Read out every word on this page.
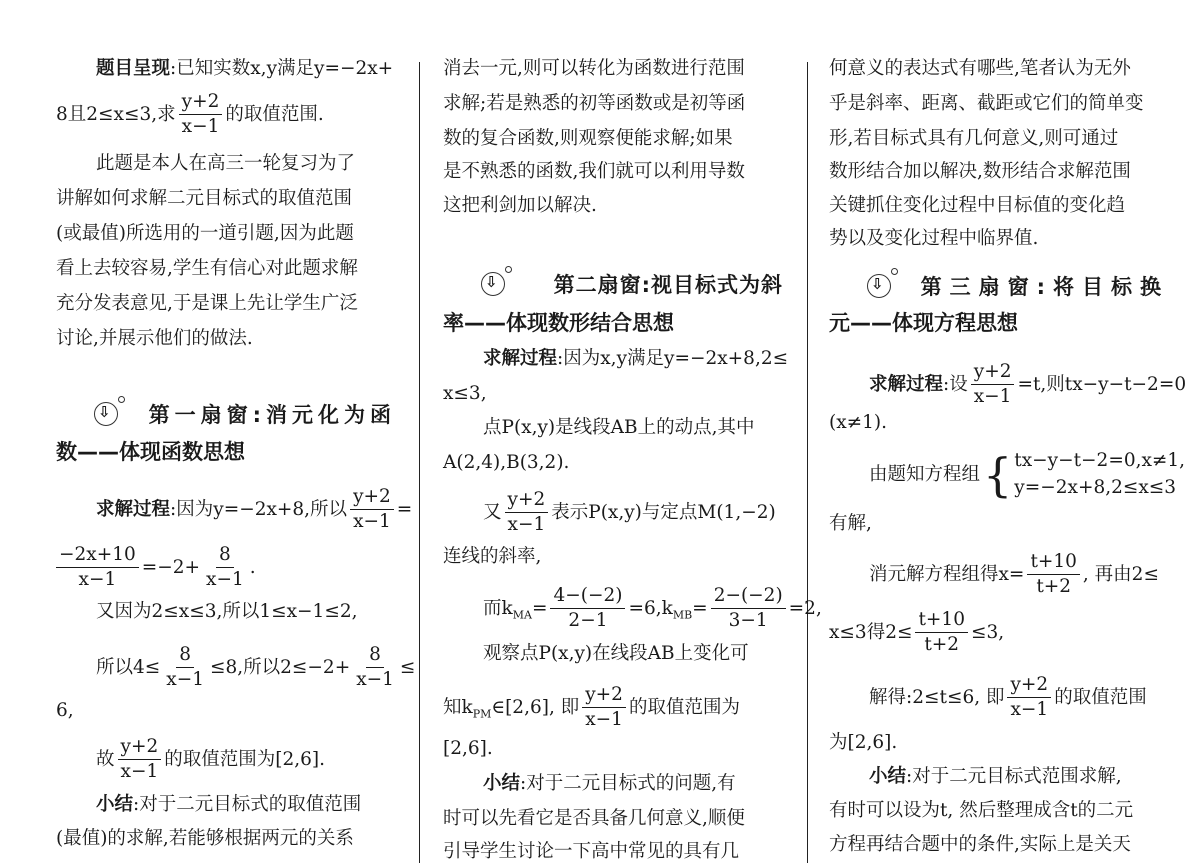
题目呈现:已知实数x,y满足y=−2x+
8且2≤x≤3,求 $\frac{y+2}{x-1}$ 的取值范围.
此题是本人在高三一轮复习为了
讲解如何求解二元目标式的取值范围
(或最值)所选用的一道引题,因为此题
看上去较容易,学生有信心对此题求解
充分发表意见,于是课上先让学生广泛
讨论,并展示他们的做法.
⇩ 第一扇窗:消元化为函
数——体现函数思想
求解过程:因为y=−2x+8,所以 $\frac{y+2}{x-1}$ =
$\frac{-2x+10}{x-1} =-2+ \frac{8}{x-1}$ .
又因为2≤x≤3,所以1≤x−1≤2,
所以$4\le \frac{8}{x-1} \le 8$,所以$2\le-2+ \frac{8}{x-1}$ ≤
6,
故 $\frac{y+2}{x-1}$ 的取值范围为[2,6].
小结:对于二元目标式的取值范围
(最值)的求解,若能够根据两元的关系
消去一元,则可以转化为函数进行范围
求解;若是熟悉的初等函数或是初等函
数的复合函数,则观察便能求解;如果
是不熟悉的函数,我们就可以利用导数
这把利剑加以解决.
⇩	第二扇窗:视目标式为斜
率——体现数形结合思想
求解过程:因为x,y满足y=−2x+8,2≤
x≤3,
点P(x,y)是线段AB上的动点,其中
A(2,4),B(3,2).
又 $\frac{y+2}{x-1}$ 表示P(x,y)与定点M(1,−2)
连线的斜率,
而$k_{MA}= \frac{4-(-2)}{2-1} =6,k_{MB}= \frac{2-(-2)}{3-1} =2$,
观察点P(x,y)在线段AB上变化可
知$k_{PM}\in[2,6]$, 即 $\frac{y+2}{x-1}$ 的取值范围为
[2,6].
小结:对于二元目标式的问题,有
时可以先看它是否具备几何意义,顺便
引导学生讨论一下高中常见的具有几
何意义的表达式有哪些,笔者认为无外
乎是斜率、距离、截距或它们的简单变
形,若目标式具有几何意义,则可通过
数形结合加以解决,数形结合求解范围
关键抓住变化过程中目标值的变化趋
势以及变化过程中临界值.
⇩ 第三扇窗:将目标换
元——体现方程思想
求解过程:设 $\frac{y+2}{x-1} =t$,则tx−y−t−2=0
(x≠1).
由题知方程组 { tx−y−t−2=0,x≠1,
y=−2x+8,2≤x≤3
有解,
消元解方程组得$x= \frac{t+10}{t+2}$ , 再由2≤
x≤3得$2\le \frac{t+10}{t+2} \le 3$,
解得:2≤t≤6, 即 $\frac{y+2}{x-1}$ 的取值范围
为[2,6].
小结:对于二元目标式范围求解,
有时可以设为t, 然后整理成含t的二元
方程再结合题中的条件,实际上是关天
